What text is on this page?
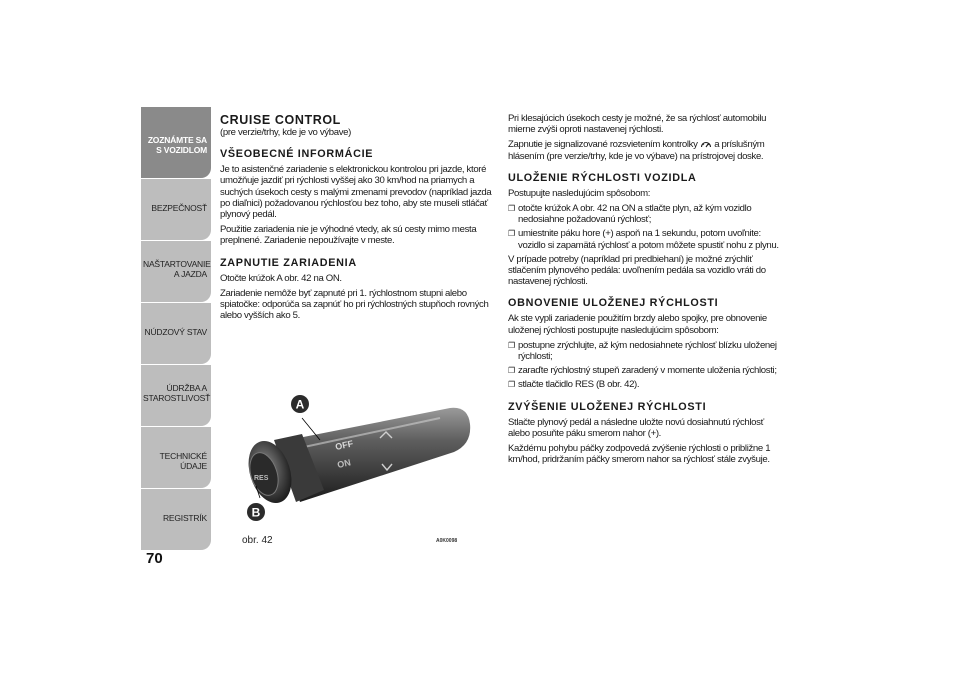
ZOZNÁMTE SA S VOZIDLOM
BEZPEČNOSŤ
NAŠTARTOVANIE A JAZDA
NÚDZOVÝ STAV
ÚDRŽBA A STAROSTLIVOSŤ
TECHNICKÉ ÚDAJE
REGISTRÍK
70
CRUISE CONTROL

(pre verzie/trhy, kde je vo výbave)

VŠEOBECNÉ INFORMÁCIE

Je to asistenčné zariadenie s elektronickou kontrolou pri jazde, ktoré umožňuje jazdiť pri rýchlosti vyššej ako 30 km/hod na priamych a suchých úsekoch cesty s malými zmenami prevodov (napríklad jazda po diaľnici) požadovanou rýchlosťou bez toho, aby ste museli stláčať plynový pedál.

Použitie zariadenia nie je výhodné vtedy, ak sú cesty mimo mesta preplnené. Zariadenie nepoužívajte v meste.

ZAPNUTIE ZARIADENIA

Otočte krúžok A obr. 42 na ON.

Zariadenie nemôže byť zapnuté pri 1. rýchlostnom stupni alebo spiatočke: odporúča sa zapnúť ho pri rýchlostných stupňoch rovných alebo vyšších ako 5.

OFF
ON
RES
A
B
obr. 42	A0K0098

Pri klesajúcich úsekoch cesty je možné, že sa rýchlosť automobilu mierne zvýši oproti nastavenej rýchlosti.

Zapnutie je signalizované rozsvietením kontrolky a príslušným hlásením (pre verzie/trhy, kde je vo výbave) na prístrojovej doske.

ULOŽENIE RÝCHLOSTI VOZIDLA

Postupujte nasledujúcim spôsobom:

❐ otočte krúžok A obr. 42 na ON a stlačte plyn, až kým vozidlo nedosiahne požadovanú rýchlosť;
❐ umiestnite páku hore (+) aspoň na 1 sekundu, potom uvoľnite: vozidlo si zapamätá rýchlosť a potom môžete spustiť nohu z plynu.

V prípade potreby (napríklad pri predbiehaní) je možné zrýchliť stlačením plynového pedála: uvoľnením pedála sa vozidlo vráti do nastavenej rýchlosti.

OBNOVENIE ULOŽENEJ RÝCHLOSTI

Ak ste vypli zariadenie použitím brzdy alebo spojky, pre obnovenie uloženej rýchlosti postupujte nasledujúcim spôsobom:

❐ postupne zrýchlujte, až kým nedosiahnete rýchlosť blízku uloženej rýchlosti;
❐ zaraďte rýchlostný stupeň zaradený v momente uloženia rýchlosti;
❐ stlačte tlačidlo RES (B obr. 42).
ZVÝŠENIE ULOŽENEJ RÝCHLOSTI

Stlačte plynový pedál a následne uložte novú dosiahnutú rýchlosť alebo posuňte páku smerom nahor (+).

Každému pohybu páčky zodpovedá zvýšenie rýchlosti o približne 1 km/hod, pridržaním páčky smerom nahor sa rýchlosť stále zvyšuje.
